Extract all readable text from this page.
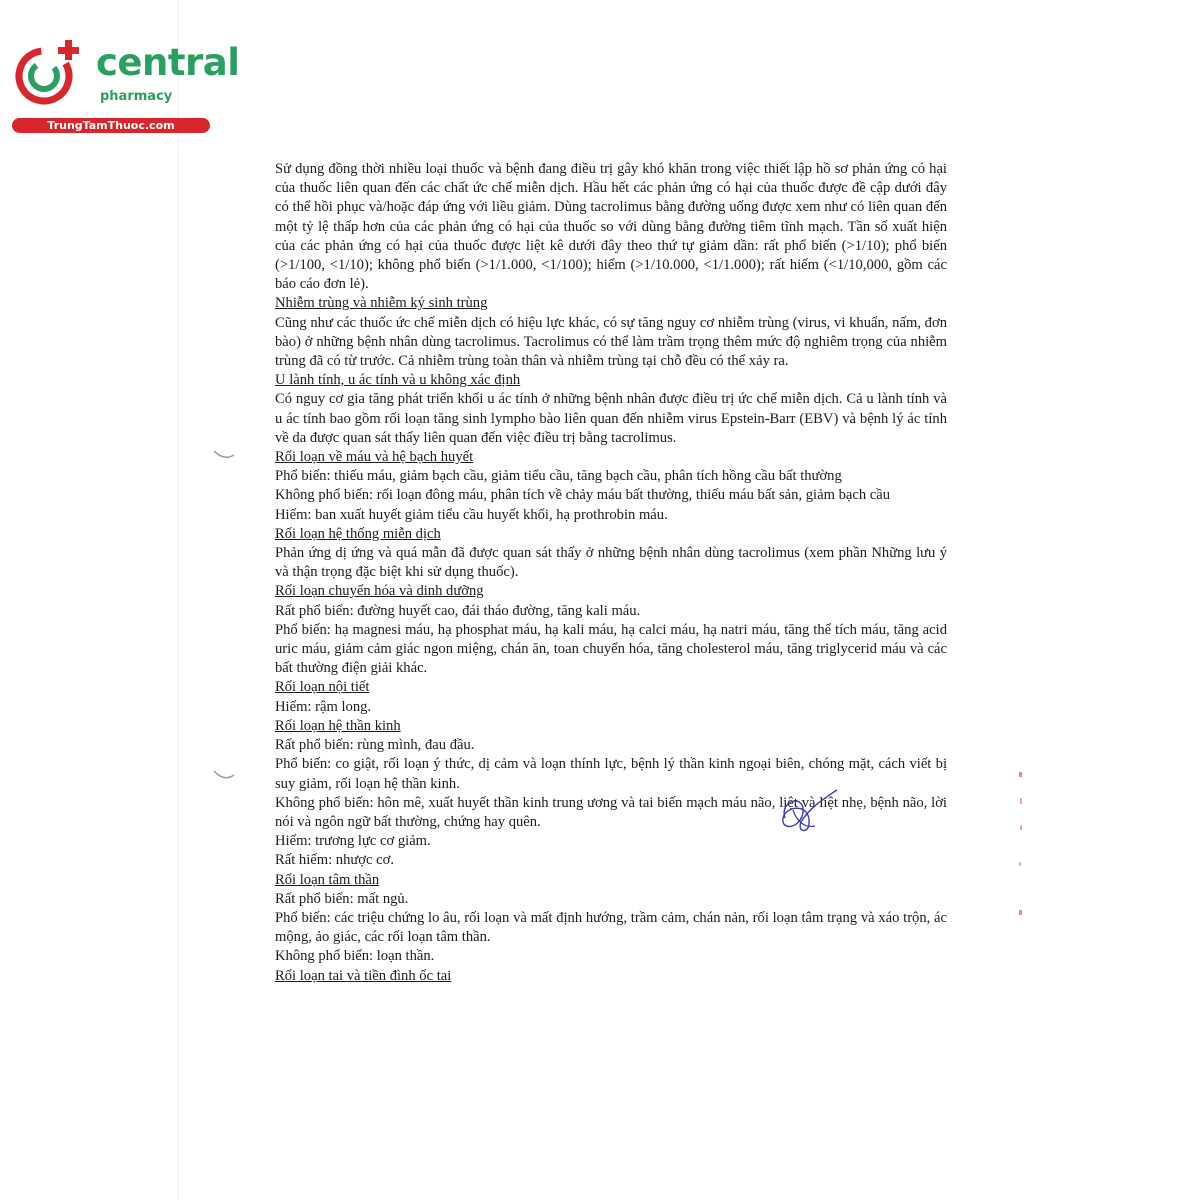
central
pharmacy
TrungTamThuoc.com

Sử dụng đồng thời nhiều loại thuốc và bệnh đang điều trị gây khó khăn trong việc thiết lập hồ sơ phản ứng có hại của thuốc liên quan đến các chất ức chế miễn dịch. Hầu hết các phản ứng có hại của thuốc được đề cập dưới đây có thể hồi phục và/hoặc đáp ứng với liều giảm. Dùng tacrolimus bằng đường uống được xem như có liên quan đến một tỷ lệ thấp hơn của các phản ứng có hại của thuốc so với dùng bằng đường tiêm tĩnh mạch. Tần số xuất hiện của các phản ứng có hại của thuốc được liệt kê dưới đây theo thứ tự giảm dần: rất phổ biến (>1/10); phổ biến (>1/100, <1/10); không phổ biến (>1/1.000, <1/100); hiếm (>1/10.000, <1/1.000); rất hiếm (<1/10,000, gồm các báo cáo đơn lẻ).

Nhiễm trùng và nhiễm ký sinh trùng

Cũng như các thuốc ức chế miễn dịch có hiệu lực khác, có sự tăng nguy cơ nhiễm trùng (virus, vi khuẩn, nấm, đơn bào) ở những bệnh nhân dùng tacrolimus. Tacrolimus có thể làm trầm trọng thêm mức độ nghiêm trọng của nhiễm trùng đã có từ trước. Cả nhiễm trùng toàn thân và nhiễm trùng tại chỗ đều có thể xảy ra.

U lành tính, u ác tính và u không xác định

Có nguy cơ gia tăng phát triển khối u ác tính ở những bệnh nhân được điều trị ức chế miễn dịch. Cả u lành tính và u ác tính bao gồm rối loạn tăng sinh lympho bào liên quan đến nhiễm virus Epstein-Barr (EBV) và bệnh lý ác tính về da được quan sát thấy liên quan đến việc điều trị bằng tacrolimus.

Rối loạn về máu và hệ bạch huyết

Phổ biến: thiếu máu, giảm bạch cầu, giảm tiểu cầu, tăng bạch cầu, phân tích hồng cầu bất thường

Không phổ biến: rối loạn đông máu, phân tích về chảy máu bất thường, thiếu máu bất sản, giảm bạch cầu

Hiếm: ban xuất huyết giảm tiểu cầu huyết khối, hạ prothrobin máu.

Rối loạn hệ thống miễn dịch

Phản ứng dị ứng và quá mẫn đã được quan sát thấy ở những bệnh nhân dùng tacrolimus (xem phần Những lưu ý và thận trọng đặc biệt khi sử dụng thuốc).

Rối loạn chuyển hóa và dinh dưỡng

Rất phổ biến: đường huyết cao, đái tháo đường, tăng kali máu.

Phổ biến: hạ magnesi máu, hạ phosphat máu, hạ kali máu, hạ calci máu, hạ natri máu, tăng thể tích máu, tăng acid uric máu, giảm cảm giác ngon miệng, chán ăn, toan chuyển hóa, tăng cholesterol máu, tăng triglycerid máu và các bất thường điện giải khác.

Rối loạn nội tiết

Hiếm: rậm long.

Rối loạn hệ thần kinh

Rất phổ biến: rùng mình, đau đầu.

Phổ biến: co giật, rối loạn ý thức, dị cảm và loạn thính lực, bệnh lý thần kinh ngoại biên, chóng mặt, cách viết bị suy giảm, rối loạn hệ thần kinh.

Không phổ biến: hôn mê, xuất huyết thần kinh trung ương và tai biến mạch máu não, liệt và liệt nhẹ, bệnh não, lời nói và ngôn ngữ bất thường, chứng hay quên.

Hiếm: trương lực cơ giảm.

Rất hiếm: nhược cơ.

Rối loạn tâm thần

Rất phổ biến: mất ngủ.

Phổ biến: các triệu chứng lo âu, rối loạn và mất định hướng, trầm cảm, chán nản, rối loạn tâm trạng và xáo trộn, ác mộng, ảo giác, các rối loạn tâm thần.

Không phổ biến: loạn thần.

Rối loạn tai và tiền đình ốc tai
